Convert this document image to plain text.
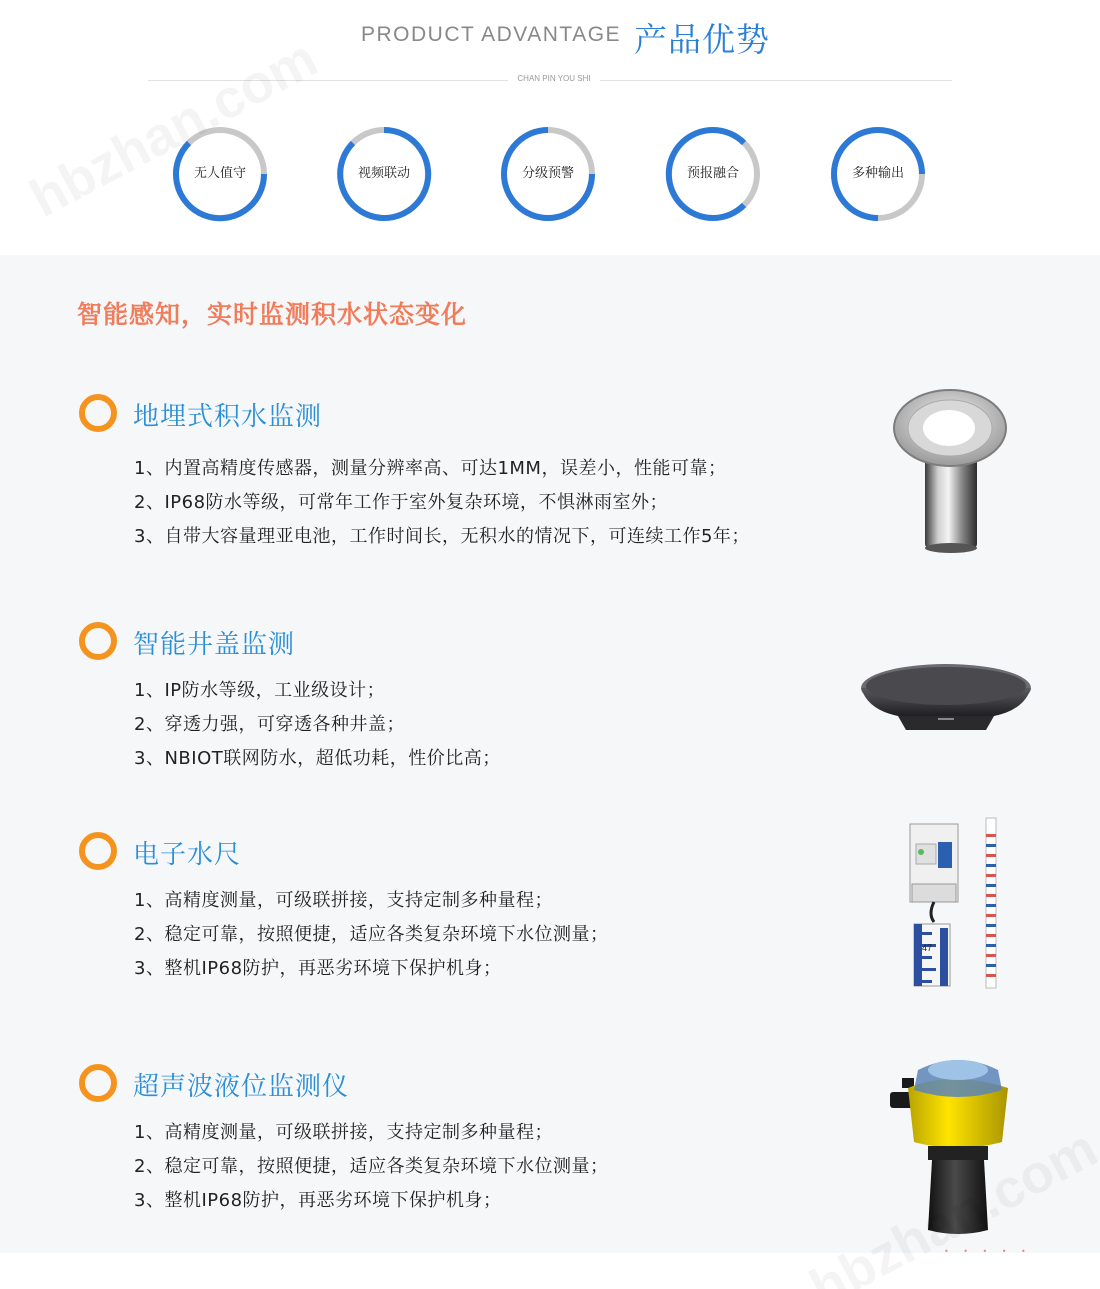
PRODUCT ADVANTAGE 产品优势
CHAN PIN YOU SHI
无人值守	视频联动	分级预警	预报融合	多种输出
智能感知，实时监测积水状态变化
地埋式积水监测
1、内置高精度传感器，测量分辨率高、可达1MM，误差小，性能可靠；
2、IP68防水等级，可常年工作于室外复杂环境，不惧淋雨室外；
3、自带大容量理亚电池，工作时间长，无积水的情况下，可连续工作5年；
智能井盖监测
1、IP防水等级，工业级设计；
2、穿透力强，可穿透各种井盖；
3、NBIOT联网防水，超低功耗，性价比高；
电子水尺
1、高精度测量，可级联拼接，支持定制多种量程；
2、稳定可靠，按照便捷，适应各类复杂环境下水位测量；
3、整机IP68防护，再恶劣环境下保护机身；
47
超声波液位监测仪
1、高精度测量，可级联拼接，支持定制多种量程；
2、稳定可靠，按照便捷，适应各类复杂环境下水位测量；
3、整机IP68防护，再恶劣环境下保护机身；
• • • • •
